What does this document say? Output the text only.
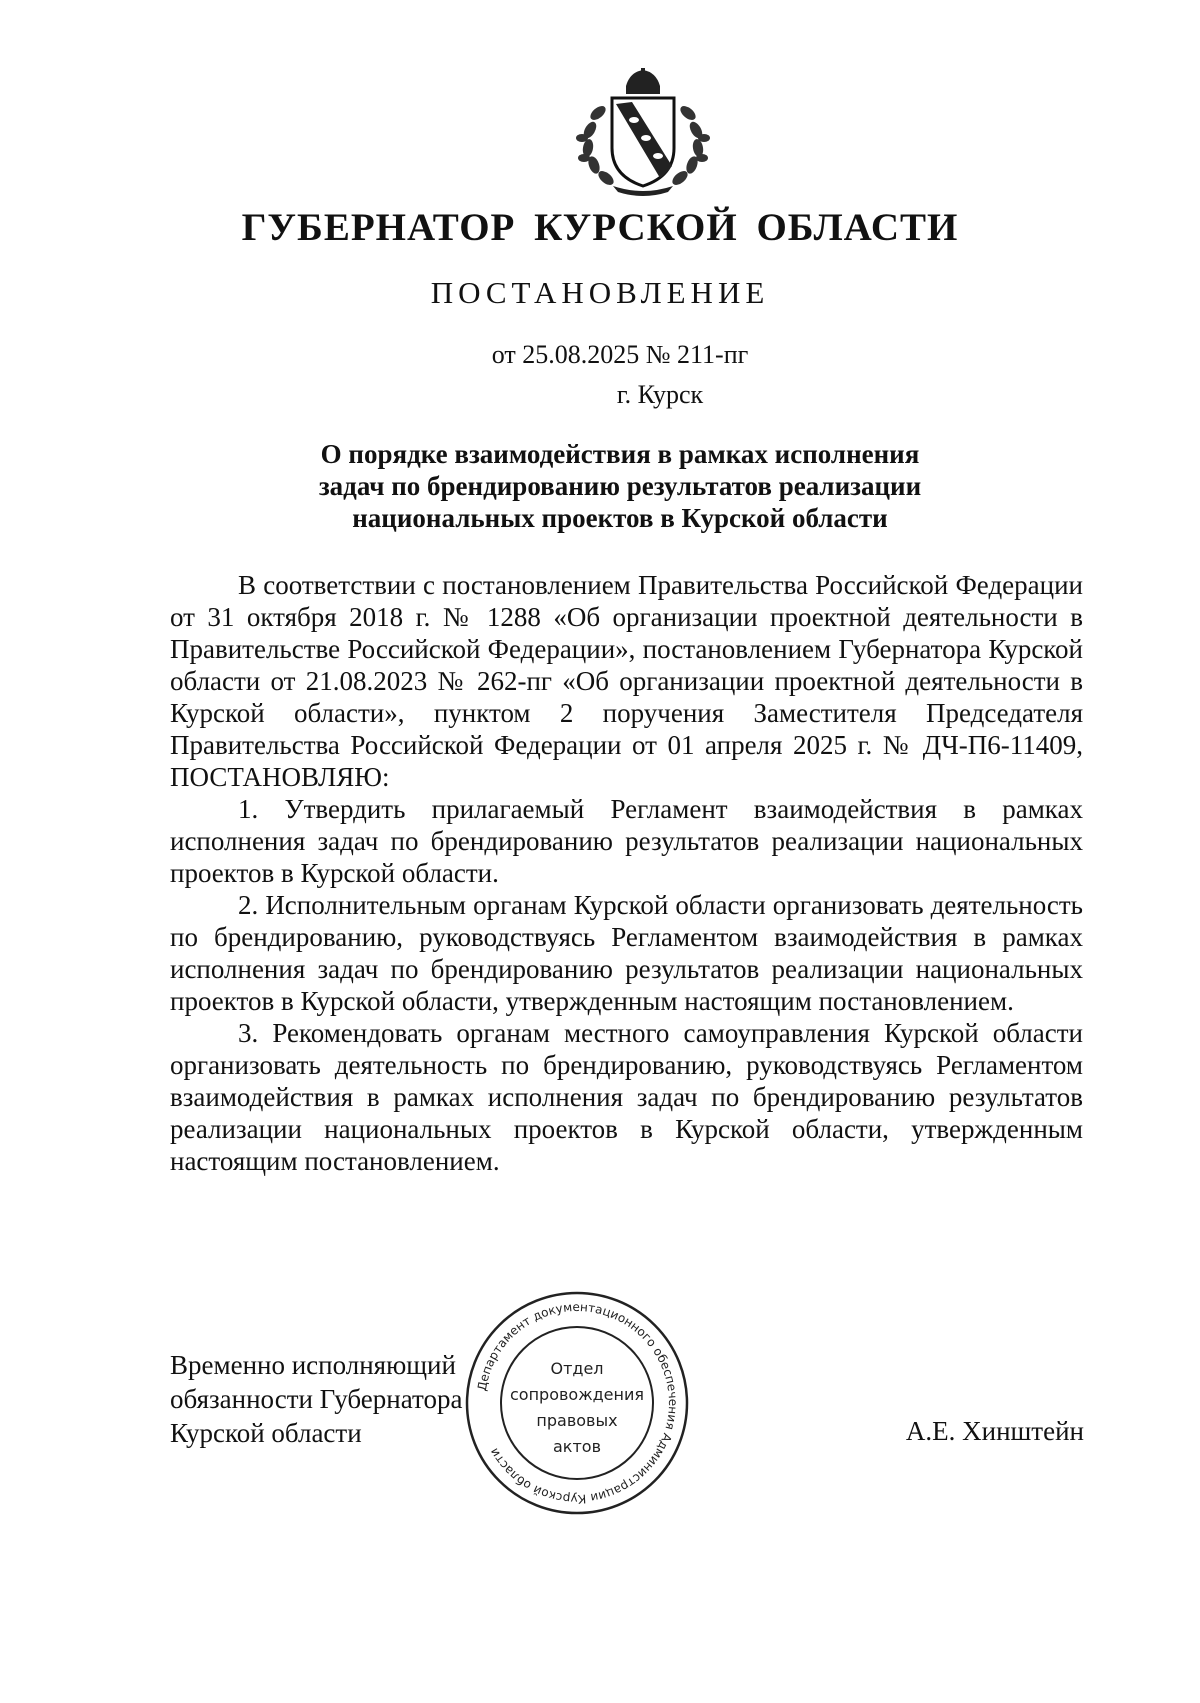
ГУБЕРНАТОР КУРСКОЙ ОБЛАСТИ
ПОСТАНОВЛЕНИЕ
от 25.08.2025 № 211-пг
г. Курск
О порядке взаимодействия в рамках исполнения
задач по брендированию результатов реализации
национальных проектов в Курской области

В соответствии с постановлением Правительства Российской Федерации от 31 октября 2018 г. № 1288 «Об организации проектной деятельности в Правительстве Российской Федерации», постановлением Губернатора Курской области от 21.08.2023 № 262-пг «Об организации проектной деятельности в Курской области», пунктом 2 поручения Заместителя Председателя Правительства Российской Федерации от 01 апреля 2025 г. № ДЧ-П6-11409, ПОСТАНОВЛЯЮ:

1. Утвердить прилагаемый Регламент взаимодействия в рамках исполнения задач по брендированию результатов реализации национальных проектов в Курской области.

2. Исполнительным органам Курской области организовать деятельность по брендированию, руководствуясь Регламентом взаимодействия в рамках исполнения задач по брендированию результатов реализации национальных проектов в Курской области, утвержденным настоящим постановлением.

3. Рекомендовать органам местного самоуправления Курской области организовать деятельность по брендированию, руководствуясь Регламентом взаимодействия в рамках исполнения задач по брендированию результатов реализации национальных проектов в Курской области, утвержденным настоящим постановлением.

Временно исполняющий
обязанности Губернатора
Курской области
Департамент документационного обеспечения Администрации Курской области
Отдел
сопровождения
правовых
актов
А.Е. Хинштейн
